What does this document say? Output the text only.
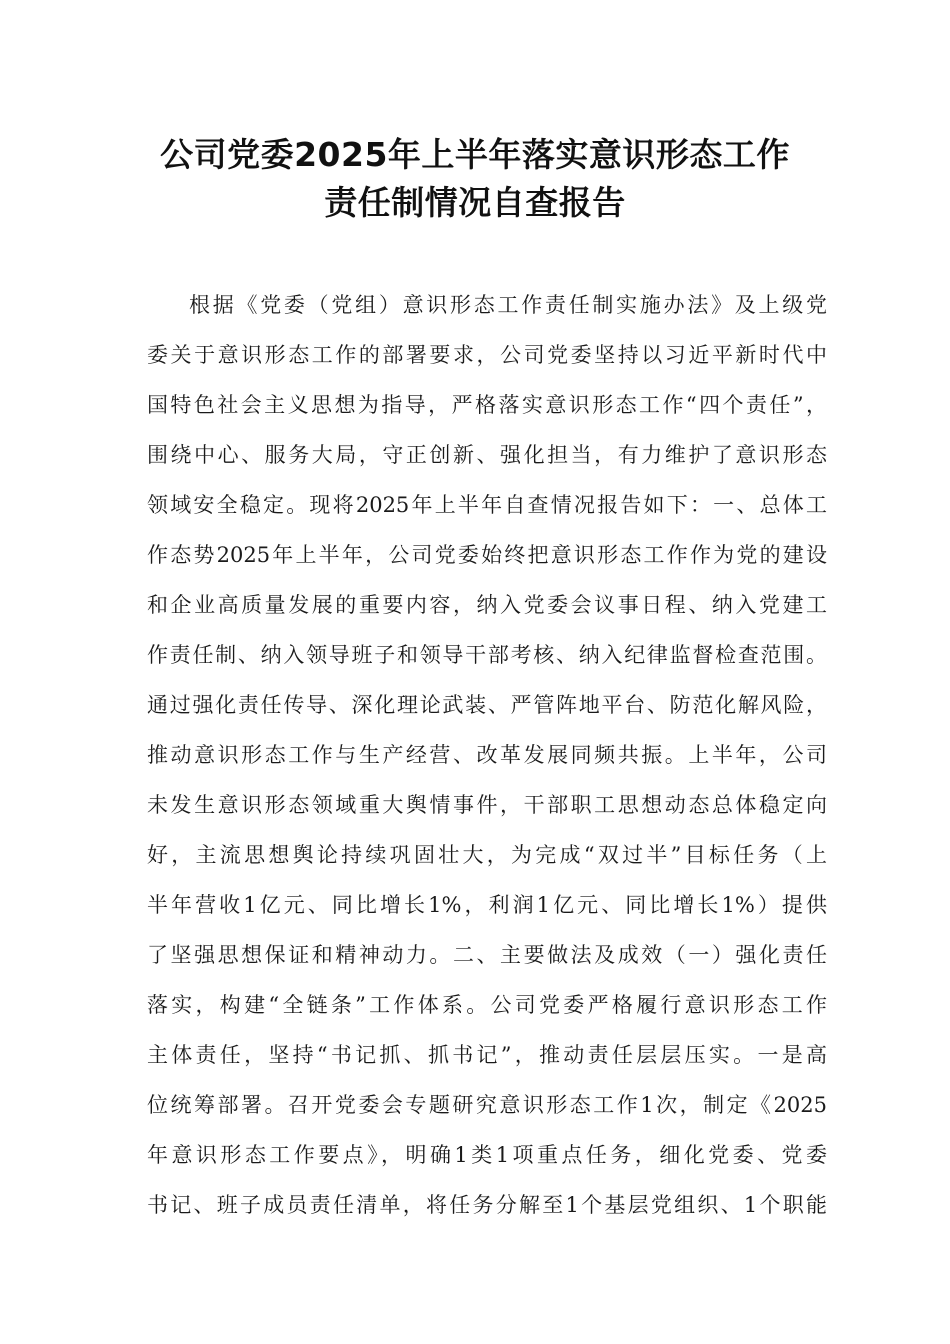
公司党委2025年上半年落实意识形态工作
责任制情况自查报告
根据《党委（党组）意识形态工作责任制实施办法》及上级党
委关于意识形态工作的部署要求，公司党委坚持以习近平新时代中
国特色社会主义思想为指导，严格落实意识形态工作“四个责任”，
围绕中心、服务大局，守正创新、强化担当，有力维护了意识形态
领域安全稳定。现将2025年上半年自查情况报告如下：一、总体工
作态势2025年上半年，公司党委始终把意识形态工作作为党的建设
和企业高质量发展的重要内容，纳入党委会议事日程、纳入党建工
作责任制、纳入领导班子和领导干部考核、纳入纪律监督检查范围。
通过强化责任传导、深化理论武装、严管阵地平台、防范化解风险，
推动意识形态工作与生产经营、改革发展同频共振。上半年，公司
未发生意识形态领域重大舆情事件，干部职工思想动态总体稳定向
好，主流思想舆论持续巩固壮大，为完成“双过半”目标任务（上
半年营收1亿元、同比增长1%，利润1亿元、同比增长1%）提供
了坚强思想保证和精神动力。二、主要做法及成效（一）强化责任
落实，构建“全链条”工作体系。公司党委严格履行意识形态工作
主体责任，坚持“书记抓、抓书记”，推动责任层层压实。一是高
位统筹部署。召开党委会专题研究意识形态工作1次，制定《2025
年意识形态工作要点》，明确1类1项重点任务，细化党委、党委
书记、班子成员责任清单，将任务分解至1个基层党组织、1个职能
